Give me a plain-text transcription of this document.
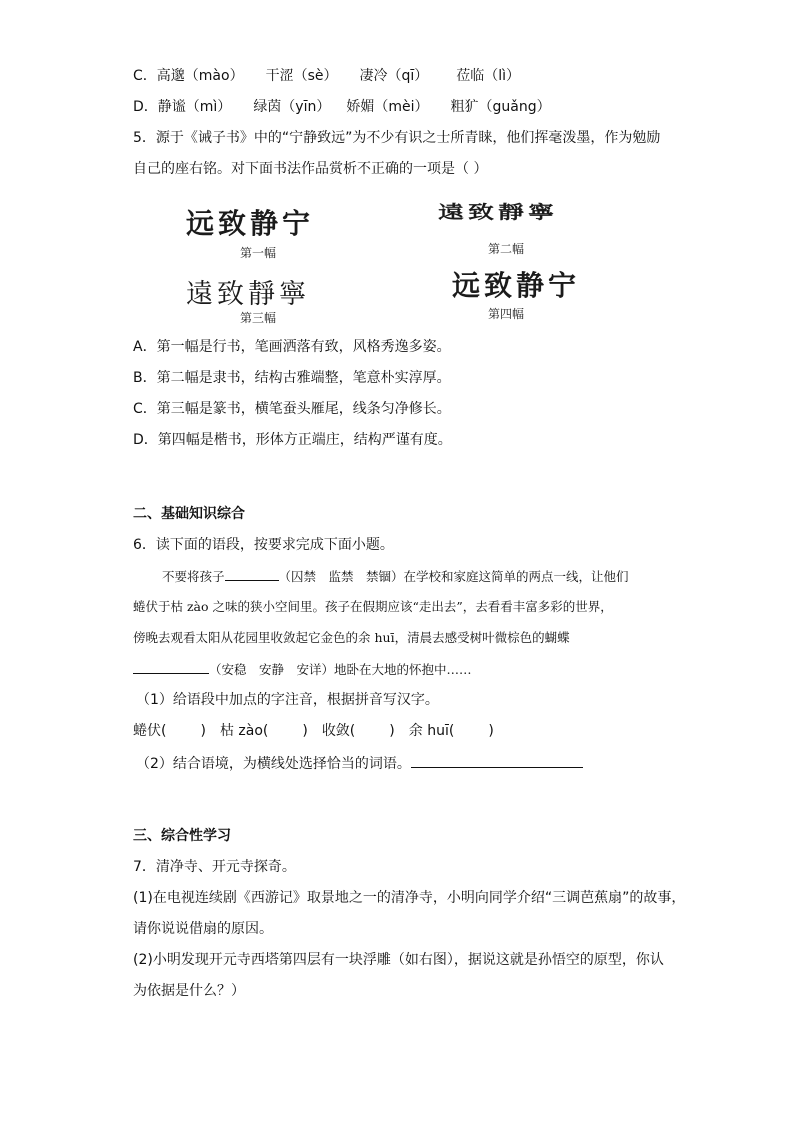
C．高邈（mào） 干涩（sè） 凄冷（qī） 莅临（lì）
D．静谧（mì） 绿茵（yīn） 娇媚（mèi） 粗犷（guǎng）
5．源于《诫子书》中的“宁静致远”为不少有识之士所青睐，他们挥毫泼墨，作为勉励
自己的座右铭。对下面书法作品赏析不正确的一项是（ ）
远致静宁
第一幅
遠致靜寧
第二幅
遠致靜寧
第三幅
远致静宁
第四幅
A．第一幅是行书，笔画洒落有致，风格秀逸多姿。
B．第二幅是隶书，结构古雅端整，笔意朴实淳厚。
C．第三幅是篆书，横笔蚕头雁尾，线条匀净修长。
D．第四幅是楷书，形体方正端庄，结构严谨有度。
二、基础知识综合
6．读下面的语段，按要求完成下面小题。
不要将孩子	（囚禁　监禁　禁锢）在学校和家庭这简单的两点一线，让他们
蜷伏于枯 zào 之味的狭小空间里。孩子在假期应该“走出去”，去看看丰富多彩的世界，
傍晚去观看太阳从花园里收敛起它金色的余 huī，清晨去感受树叶微棕色的蝴蝶
（安稳　安静　安详）地卧在大地的怀抱中……
（1）给语段中加点的字注音，根据拼音写汉字。
蜷伏( ) 枯 zào( ) 收敛( ) 余 huī( )
（2）结合语境，为横线处选择恰当的词语。
三、综合性学习
7．清净寺、开元寺探奇。
(1)在电视连续剧《西游记》取景地之一的清净寺，小明向同学介绍“三调芭蕉扇”的故事，
请你说说借扇的原因。
(2)小明发现开元寺西塔第四层有一块浮雕（如右图），据说这就是孙悟空的原型，你认
为依据是什么？）
